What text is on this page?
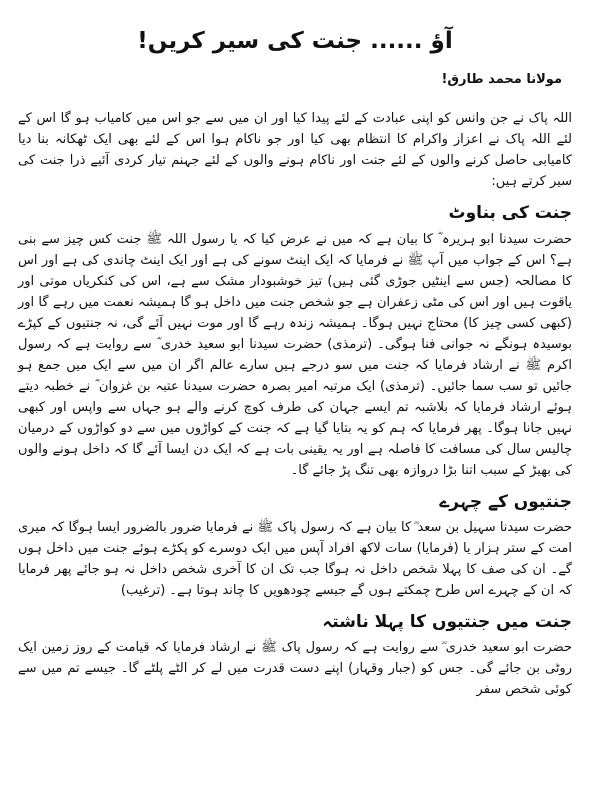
آؤ ...... جنت کی سیر کریں!
مولانا محمد طارق!

اللہ پاک نے جن وانس کو اپنی عبادت کے لئے پیدا کیا اور ان میں سے جو اس میں کامیاب ہو گا اس کے لئے اللہ پاک نے اعزاز واکرام کا انتظام بھی کیا اور جو ناکام ہوا اس کے لئے بھی ایک ٹھکانہ بنا دیا کامیابی حاصل کرنے والوں کے لئے جنت اور ناکام ہونے والوں کے لئے جہنم تیار کردی آئیے ذرا جنت کی سیر کرتے ہیں:

جنت کی بناوٹ

حضرت سیدنا ابو ہریرہ ؓ کا بیان ہے کہ میں نے عرض کیا کہ یا رسول اللہ ﷺ جنت کس چیز سے بنی ہے؟ اس کے جواب میں آپ ﷺ نے فرمایا کہ ایک اینٹ سونے کی ہے اور ایک اینٹ چاندی کی ہے اور اس کا مصالحہ (جس سے اینٹیں جوڑی گئی ہیں) تیز خوشبودار مشک سے ہے، اس کی کنکریاں موتی اور یاقوت ہیں اور اس کی مٹی زعفران ہے جو شخص جنت میں داخل ہو گا ہمیشہ نعمت میں رہے گا اور (کبھی کسی چیز کا) محتاج نہیں ہوگا۔ ہمیشہ زندہ رہے گا اور موت نہیں آئے گی، نہ جنتیوں کے کپڑے بوسیدہ ہونگے نہ جوانی فنا ہوگی۔ (ترمذی) حضرت سیدنا ابو سعید خدری ؓ سے روایت ہے کہ رسول اکرم ﷺ نے ارشاد فرمایا کہ جنت میں سو درجے ہیں سارے عالم اگر ان میں سے ایک میں جمع ہو جائیں تو سب سما جائیں۔ (ترمذی) ایک مرتبہ امیر بصرہ حضرت سیدنا عتبہ بن غزوان ؓ نے خطبہ دیتے ہوئے ارشاد فرمایا کہ بلاشبہ تم ایسے جہان کی طرف کوچ کرنے والے ہو جہاں سے واپس اور کبھی نہیں جانا ہوگا۔ پھر فرمایا کہ ہم کو یہ بتایا گیا ہے کہ جنت کے کواڑوں میں سے دو کواڑوں کے درمیان چالیس سال کی مسافت کا فاصلہ ہے اور یہ یقینی بات ہے کہ ایک دن ایسا آئے گا کہ داخل ہونے والوں کی بھیڑ کے سبب اتنا بڑا دروازہ بھی تنگ پڑ جائے گا۔

جنتیوں کے چہرے

حضرت سیدنا سہیل بن سعد ؓ کا بیان ہے کہ رسول پاک ﷺ نے فرمایا ضرور بالضرور ایسا ہوگا کہ میری امت کے ستر ہزار یا (فرمایا) سات لاکھ افراد آپس میں ایک دوسرے کو پکڑے ہوئے جنت میں داخل ہوں گے۔ ان کی صف کا پہلا شخص داخل نہ ہوگا جب تک ان کا آخری شخص داخل نہ ہو جائے پھر فرمایا کہ ان کے چہرے اس طرح چمکتے ہوں گے جیسے چودھویں کا چاند ہوتا ہے۔ (ترغیب)

جنت میں جنتیوں کا پہلا ناشتہ

حضرت ابو سعید خدری ؓ سے روایت ہے کہ رسول پاک ﷺ نے ارشاد فرمایا کہ قیامت کے روز زمین ایک روٹی بن جائے گی۔ جس کو (جبار وقہار) اپنے دست قدرت میں لے کر الٹے پلٹے گا۔ جیسے تم میں سے کوئی شخص سفر
